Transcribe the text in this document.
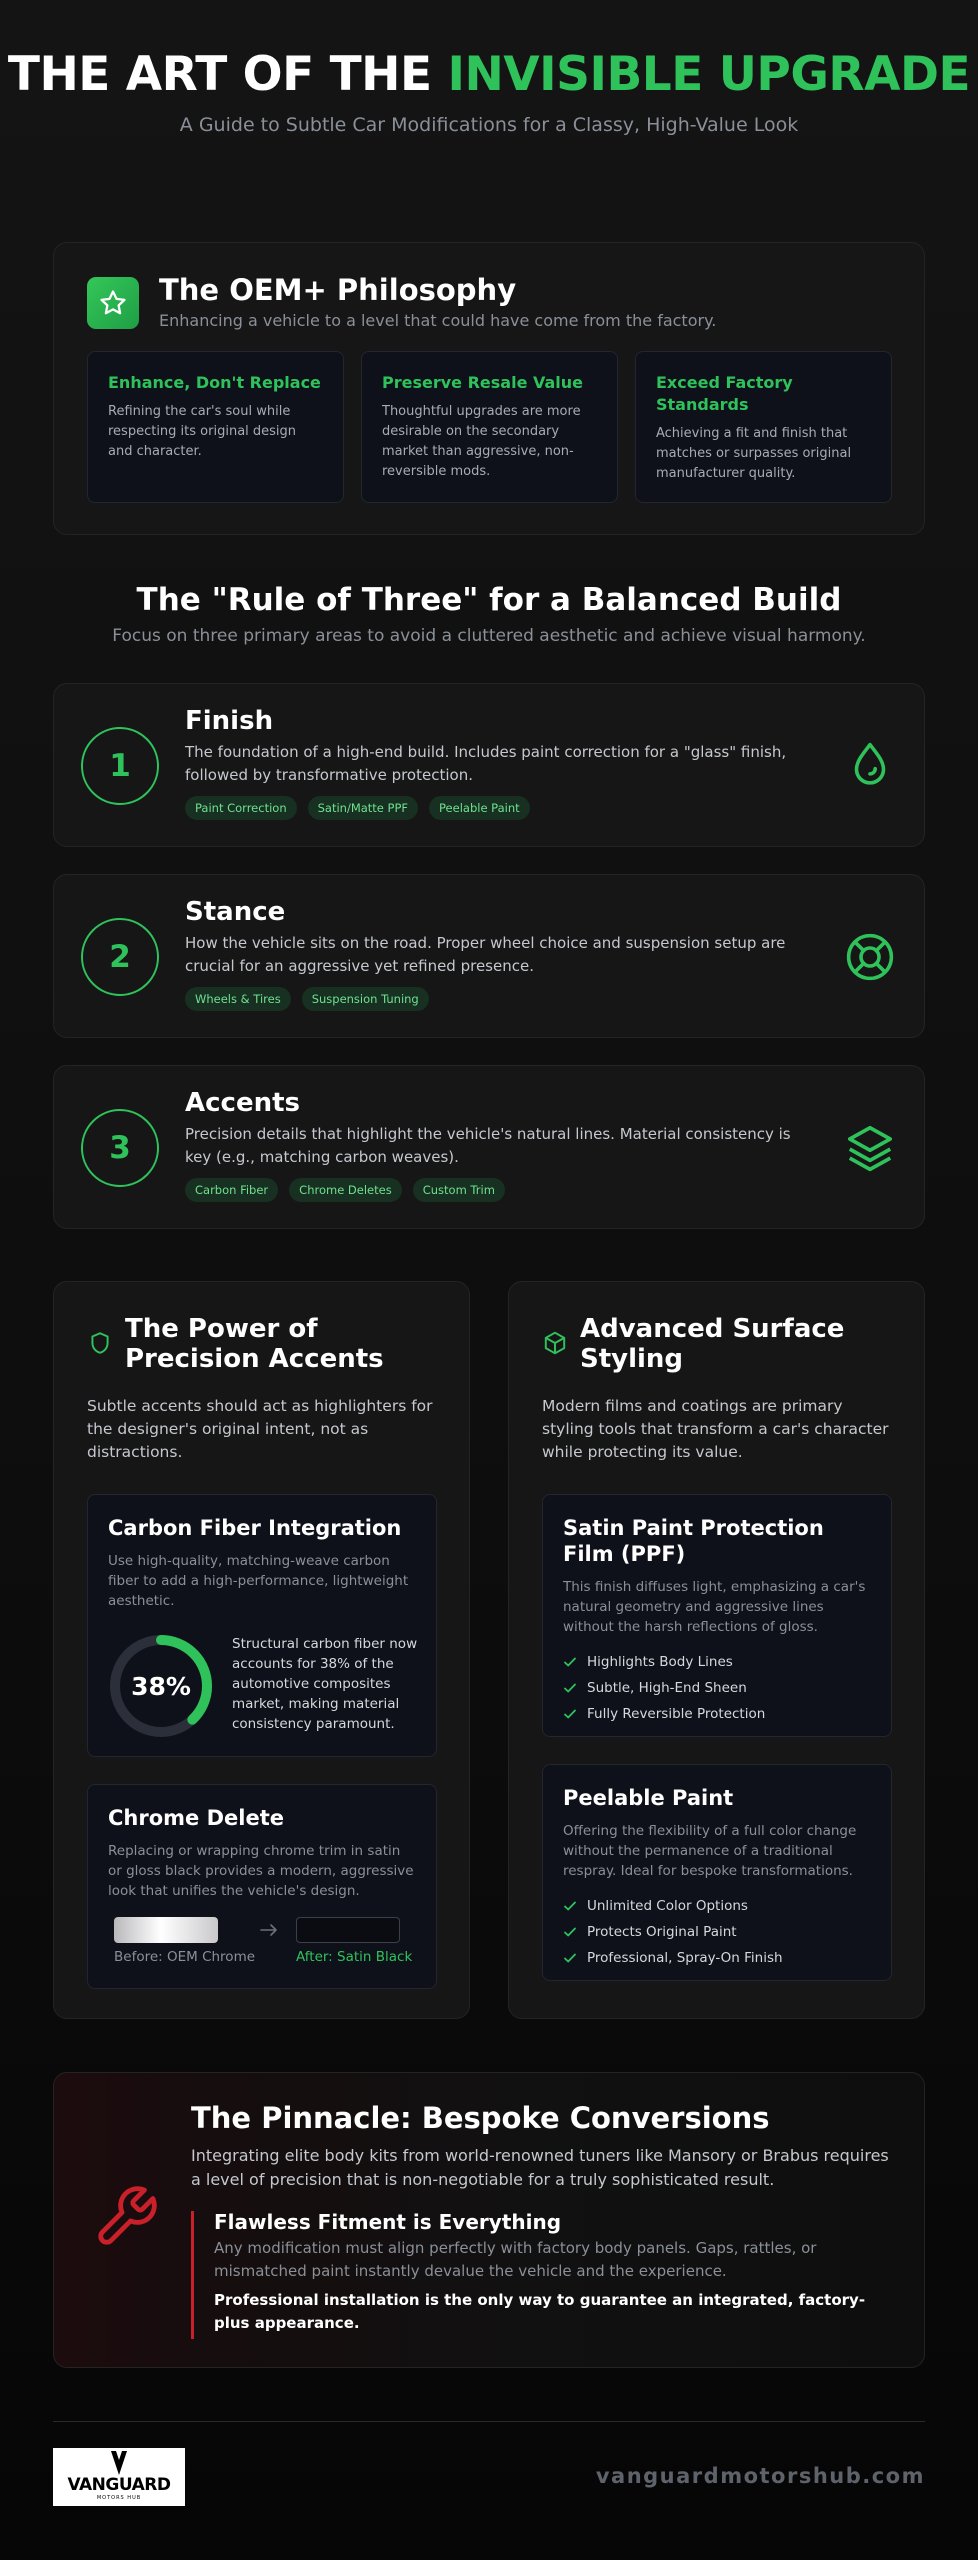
THE ART OF THE INVISIBLE UPGRADE
A Guide to Subtle Car Modifications for a Classy, High-Value Look
The OEM+ Philosophy
Enhancing a vehicle to a level that could have come from the factory.
Enhance, Don't Replace

Refining the car's soul while respecting its original design and character.

Preserve Resale Value

Thoughtful upgrades are more desirable on the secondary market than aggressive, non-reversible mods.

Exceed Factory Standards

Achieving a fit and finish that matches or surpasses original manufacturer quality.

The "Rule of Three" for a Balanced Build
Focus on three primary areas to avoid a cluttered aesthetic and achieve visual harmony.
1
Finish

The foundation of a high-end build. Includes paint correction for a "glass" finish, followed by transformative protection.

Paint Correction	Satin/Matte PPF	Peelable Paint
2
Stance

How the vehicle sits on the road. Proper wheel choice and suspension setup are crucial for an aggressive yet refined presence.

Wheels & Tires	Suspension Tuning
3
Accents

Precision details that highlight the vehicle's natural lines. Material consistency is key (e.g., matching carbon weaves).

Carbon Fiber	Chrome Deletes	Custom Trim
The Power of Precision Accents
Subtle accents should act as highlighters for the designer's original intent, not as distractions.
Carbon Fiber Integration
Use high-quality, matching-weave carbon fiber to add a high-performance, lightweight aesthetic.
38%
Structural carbon fiber now accounts for 38% of the automotive composites market, making material consistency paramount.
Chrome Delete
Replacing or wrapping chrome trim in satin or gloss black provides a modern, aggressive look that unifies the vehicle's design.
Before: OEM Chrome	After: Satin Black
Advanced Surface Styling
Modern films and coatings are primary styling tools that transform a car's character while protecting its value.
Satin Paint Protection Film (PPF)
This finish diffuses light, emphasizing a car's natural geometry and aggressive lines without the harsh reflections of gloss.
Highlights Body Lines
Subtle, High-End Sheen
Fully Reversible Protection
Peelable Paint
Offering the flexibility of a full color change without the permanence of a traditional respray. Ideal for bespoke transformations.
Unlimited Color Options
Protects Original Paint
Professional, Spray-On Finish
The Pinnacle: Bespoke Conversions
Integrating elite body kits from world-renowned tuners like Mansory or Brabus requires a level of precision that is non-negotiable for a truly sophisticated result.
Flawless Fitment is Everything
Any modification must align perfectly with factory body panels. Gaps, rattles, or mismatched paint instantly devalue the vehicle and the experience.
Professional installation is the only way to guarantee an integrated, factory-plus appearance.
VANGUARD
MOTORS HUB
vanguardmotorshub.com
